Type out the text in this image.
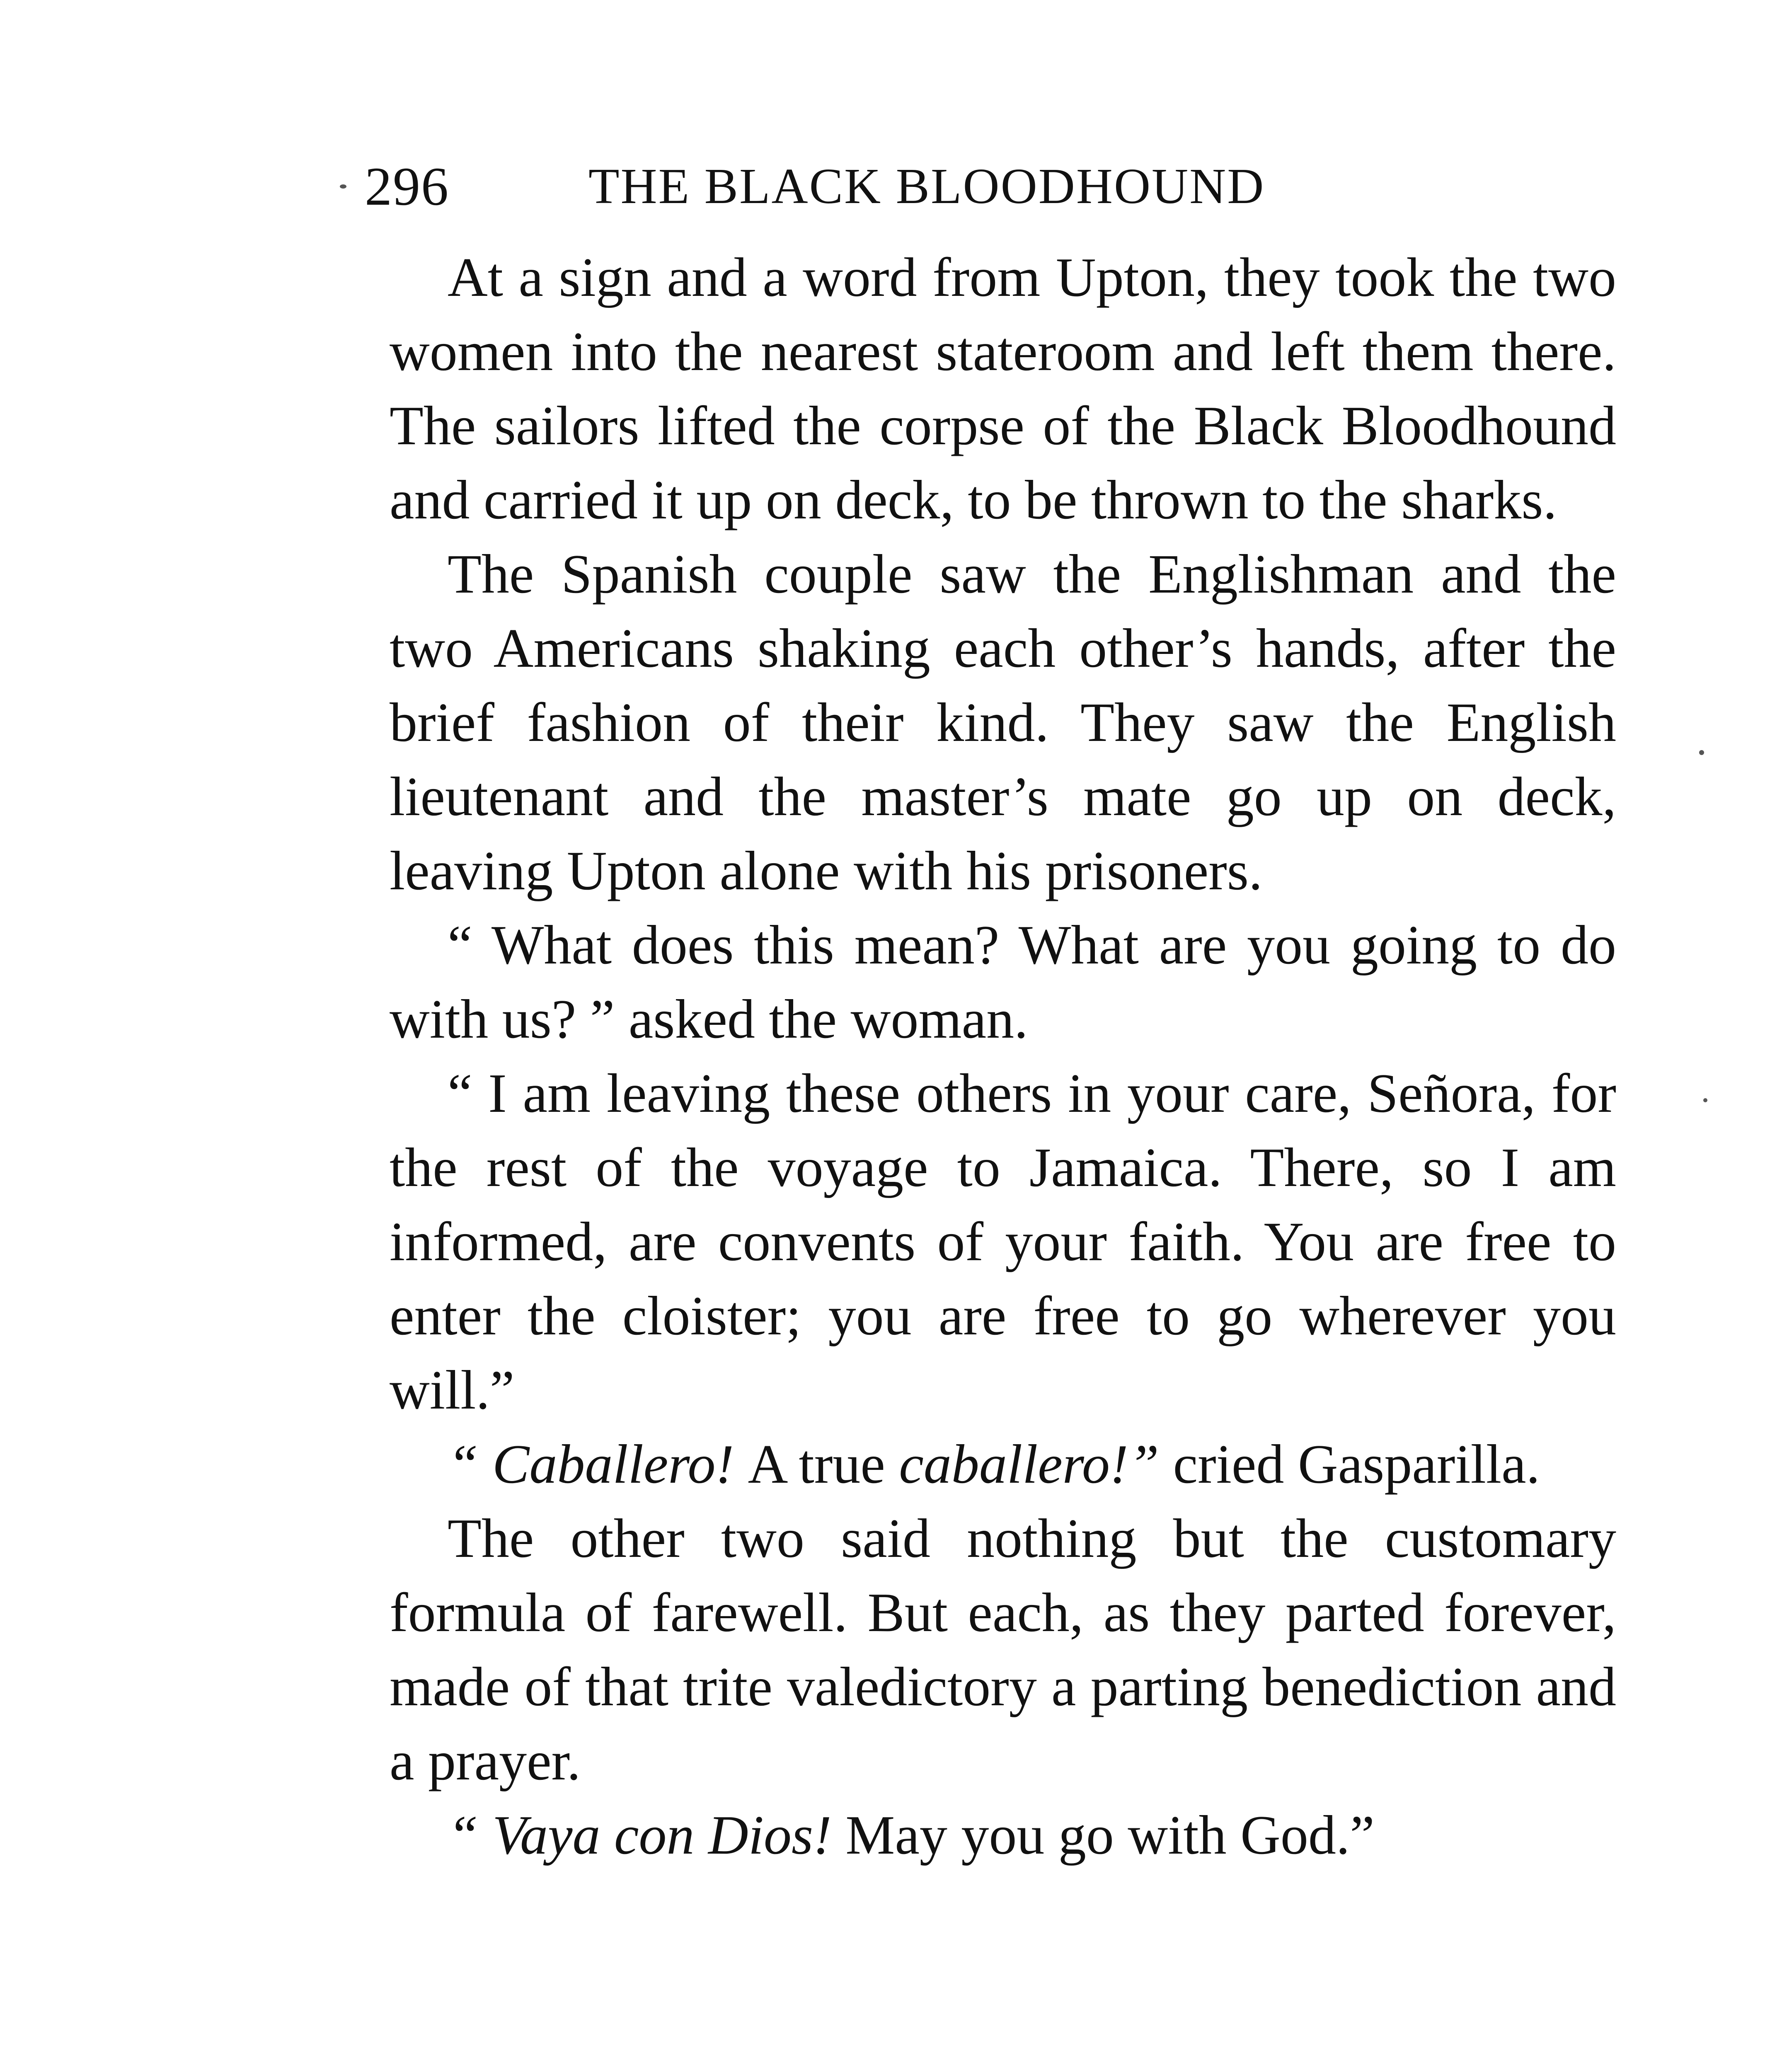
296	THE BLACK BLOODHOUND

At a sign and a word from Upton, they took the two women into the nearest stateroom and left them there. The sailors lifted the corpse of the Black Bloodhound and carried it up on deck, to be thrown to the sharks.

The Spanish couple saw the Englishman and the two Americans shaking each other’s hands, after the brief fashion of their kind. They saw the English lieutenant and the master’s mate go up on deck, leaving Upton alone with his prisoners.

“ What does this mean? What are you going to do with us? ” asked the woman.

“ I am leaving these others in your care, Señora, for the rest of the voyage to Jamaica. There, so I am informed, are convents of your faith. You are free to enter the cloister; you are free to go wherever you will.”

“ Caballero! A true caballero!” cried Gasparilla.

The other two said nothing but the customary formula of farewell. But each, as they parted forever, made of that trite valedictory a parting benediction and a prayer.

“ Vaya con Dios! May you go with God.”
